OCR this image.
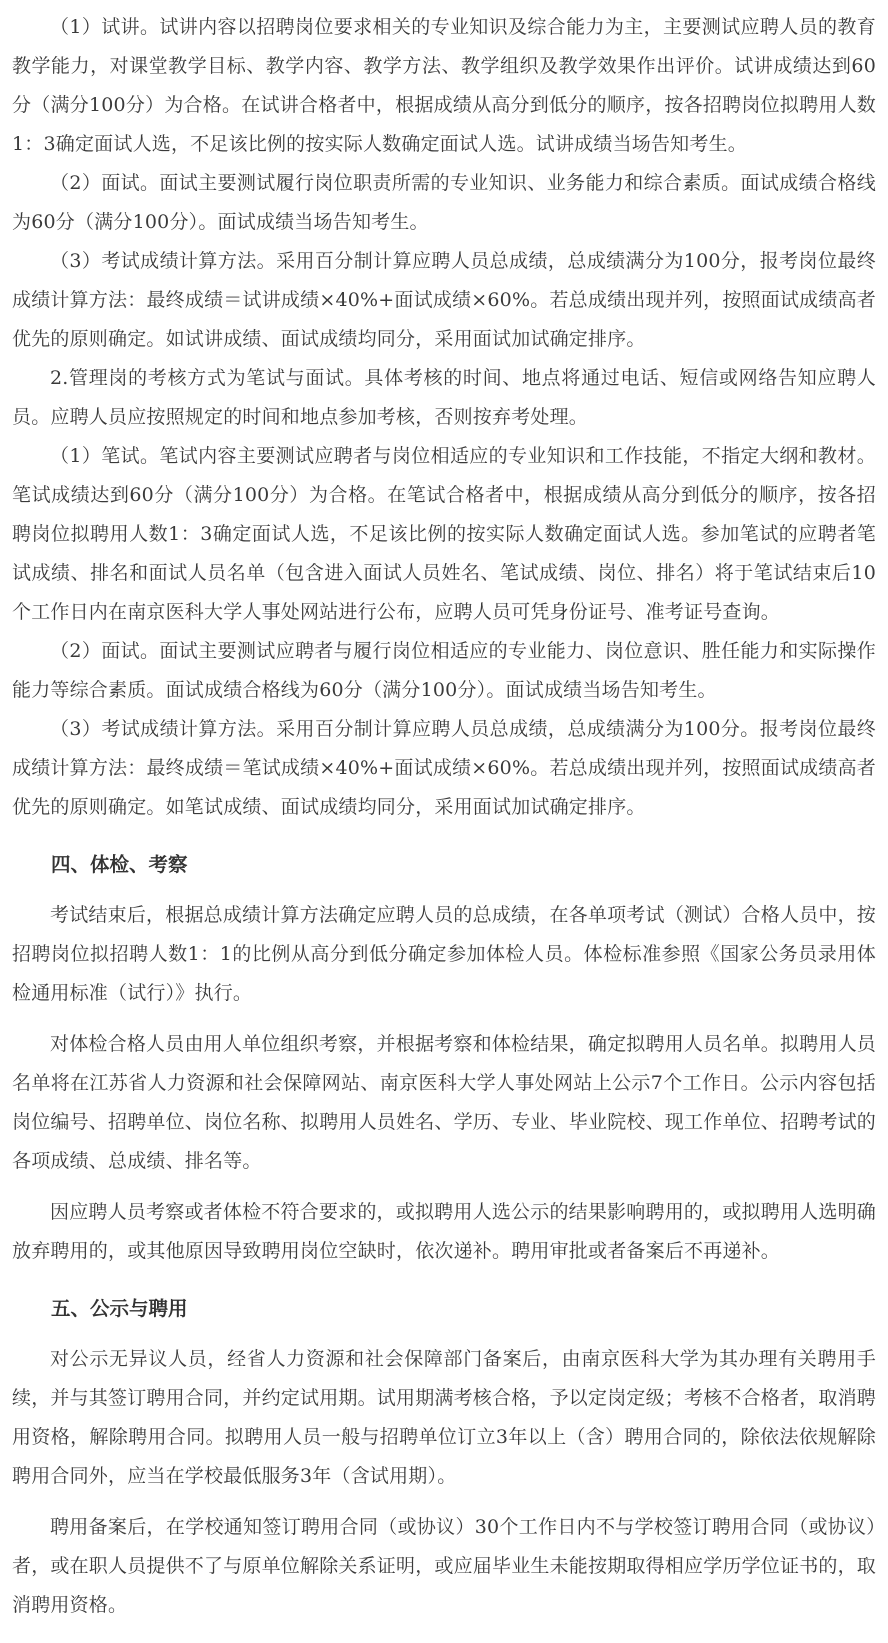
（1）试讲。试讲内容以招聘岗位要求相关的专业知识及综合能力为主，主要测试应聘人员的教育教学能力，对课堂教学目标、教学内容、教学方法、教学组织及教学效果作出评价。试讲成绩达到60分（满分100分）为合格。在试讲合格者中，根据成绩从高分到低分的顺序，按各招聘岗位拟聘用人数1：3确定面试人选，不足该比例的按实际人数确定面试人选。试讲成绩当场告知考生。

（2）面试。面试主要测试履行岗位职责所需的专业知识、业务能力和综合素质。面试成绩合格线为60分（满分100分）。面试成绩当场告知考生。

（3）考试成绩计算方法。采用百分制计算应聘人员总成绩，总成绩满分为100分，报考岗位最终成绩计算方法：最终成绩＝试讲成绩×40%+面试成绩×60%。若总成绩出现并列，按照面试成绩高者优先的原则确定。如试讲成绩、面试成绩均同分，采用面试加试确定排序。

2.管理岗的考核方式为笔试与面试。具体考核的时间、地点将通过电话、短信或网络告知应聘人员。应聘人员应按照规定的时间和地点参加考核，否则按弃考处理。

（1）笔试。笔试内容主要测试应聘者与岗位相适应的专业知识和工作技能，不指定大纲和教材。笔试成绩达到60分（满分100分）为合格。在笔试合格者中，根据成绩从高分到低分的顺序，按各招聘岗位拟聘用人数1：3确定面试人选，不足该比例的按实际人数确定面试人选。参加笔试的应聘者笔试成绩、排名和面试人员名单（包含进入面试人员姓名、笔试成绩、岗位、排名）将于笔试结束后10个工作日内在南京医科大学人事处网站进行公布，应聘人员可凭身份证号、准考证号查询。

（2）面试。面试主要测试应聘者与履行岗位相适应的专业能力、岗位意识、胜任能力和实际操作能力等综合素质。面试成绩合格线为60分（满分100分）。面试成绩当场告知考生。

（3）考试成绩计算方法。采用百分制计算应聘人员总成绩，总成绩满分为100分。报考岗位最终成绩计算方法：最终成绩＝笔试成绩×40%+面试成绩×60%。若总成绩出现并列，按照面试成绩高者优先的原则确定。如笔试成绩、面试成绩均同分，采用面试加试确定排序。

四、体检、考察

考试结束后，根据总成绩计算方法确定应聘人员的总成绩，在各单项考试（测试）合格人员中，按招聘岗位拟招聘人数1：1的比例从高分到低分确定参加体检人员。体检标准参照《国家公务员录用体检通用标准（试行）》执行。

对体检合格人员由用人单位组织考察，并根据考察和体检结果，确定拟聘用人员名单。拟聘用人员名单将在江苏省人力资源和社会保障网站、南京医科大学人事处网站上公示7个工作日。公示内容包括岗位编号、招聘单位、岗位名称、拟聘用人员姓名、学历、专业、毕业院校、现工作单位、招聘考试的各项成绩、总成绩、排名等。

因应聘人员考察或者体检不符合要求的，或拟聘用人选公示的结果影响聘用的，或拟聘用人选明确放弃聘用的，或其他原因导致聘用岗位空缺时，依次递补。聘用审批或者备案后不再递补。

五、公示与聘用

对公示无异议人员，经省人力资源和社会保障部门备案后，由南京医科大学为其办理有关聘用手续，并与其签订聘用合同，并约定试用期。试用期满考核合格，予以定岗定级；考核不合格者，取消聘用资格，解除聘用合同。拟聘用人员一般与招聘单位订立3年以上（含）聘用合同的，除依法依规解除聘用合同外，应当在学校最低服务3年（含试用期）。

聘用备案后，在学校通知签订聘用合同（或协议）30个工作日内不与学校签订聘用合同（或协议）者，或在职人员提供不了与原单位解除关系证明，或应届毕业生未能按期取得相应学历学位证书的，取消聘用资格。
